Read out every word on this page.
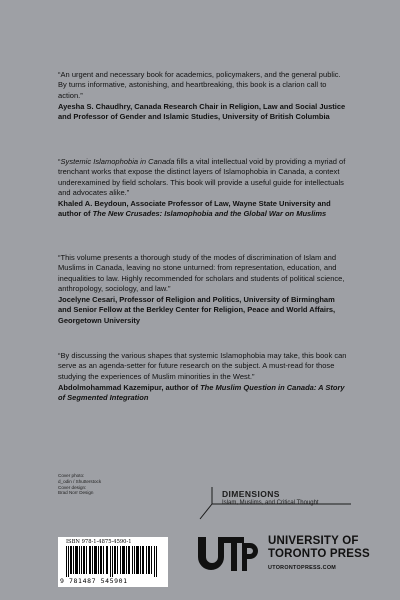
“An urgent and necessary book for academics, policymakers, and the general public. By turns informative, astonishing, and heartbreaking, this book is a clarion call to action.”

Ayesha S. Chaudhry, Canada Research Chair in Religion, Law and Social Justice and Professor of Gender and Islamic Studies, University of British Columbia

“Systemic Islamophobia in Canada fills a vital intellectual void by providing a myriad of trenchant works that expose the distinct layers of Islamophobia in Canada, a context underexamined by field scholars. This book will provide a useful guide for intellectuals and advocates alike.”

Khaled A. Beydoun, Associate Professor of Law, Wayne State University and author of The New Crusades: Islamophobia and the Global War on Muslims

“This volume presents a thorough study of the modes of discrimination of Islam and Muslims in Canada, leaving no stone unturned: from representation, education, and inequalities to law. Highly recommended for scholars and students of political science, anthropology, sociology, and law.”

Jocelyne Cesari, Professor of Religion and Politics, University of Birmingham and Senior Fellow at the Berkley Center for Religion, Peace and World Affairs, Georgetown University

“By discussing the various shapes that systemic Islamophobia may take, this book can serve as an agenda-setter for future research on the subject. A must-read for those studying the experiences of Muslim minorities in the West.”

Abdolmohammad Kazemipur, author of The Muslim Question in Canada: A Story of Segmented Integration

Cover photo:
d_odin / Shutterstock
Cover design:
Brad Norr Design	DIMENSIONS
Islam, Muslims, and Critical Thought
ISBN 978-1-4875-4590-1
9 781487 545901
UNIVERSITY OF
TORONTO PRESS
UTORONTOPRESS.COM
